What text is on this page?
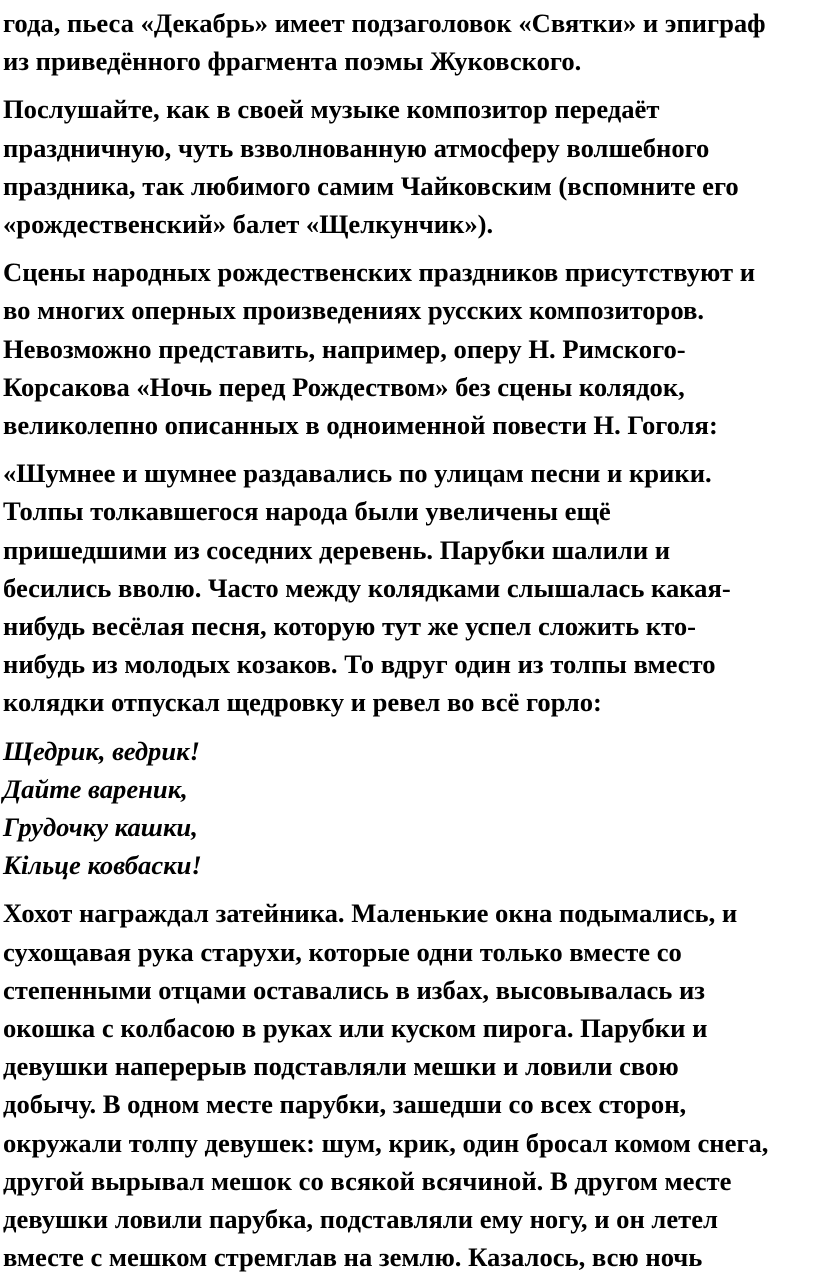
года, пьеса «Декабрь» имеет подзаголовок «Святки» и эпиграф
из приведённого фрагмента поэмы Жуковского.
Послушайте, как в своей музыке композитор передаёт
праздничную, чуть взволнованную атмосферу волшебного
праздника, так любимого самим Чайковским (вспомните его
«рождественский» балет «Щелкунчик»).
Сцены народных рождественских праздников присутствуют и
во многих оперных произведениях русских композиторов.
Невозможно представить, например, оперу Н. Римского-
Корсакова «Ночь перед Рождеством» без сцены колядок,
великолепно описанных в одноименной повести Н. Гоголя:
«Шумнее и шумнее раздавались по улицам песни и крики.
Толпы толкавшегося народа были увеличены ещё
пришедшими из соседних деревень. Парубки шалили и
бесились вволю. Часто между колядками слышалась какая-
нибудь весёлая песня, которую тут же успел сложить кто-
нибудь из молодых козаков. То вдруг один из толпы вместо
колядки отпускал щедровку и ревел во всё горло:
Щедрик, ведрик!
Дайте вареник,
Грудочку кашки,
Кільце ковбаски!
Хохот награждал затейника. Маленькие окна подымались, и
сухощавая рука старухи, которые одни только вместе со
степенными отцами оставались в избах, высовывалась из
окошка с колбасою в руках или куском пирога. Парубки и
девушки наперерыв подставляли мешки и ловили свою
добычу. В одном месте парубки, зашедши со всех сторон,
окружали толпу девушек: шум, крик, один бросал комом снега,
другой вырывал мешок со всякой всячиной. В другом месте
девушки ловили парубка, подставляли ему ногу, и он летел
вместе с мешком стремглав на землю. Казалось, всю ночь
